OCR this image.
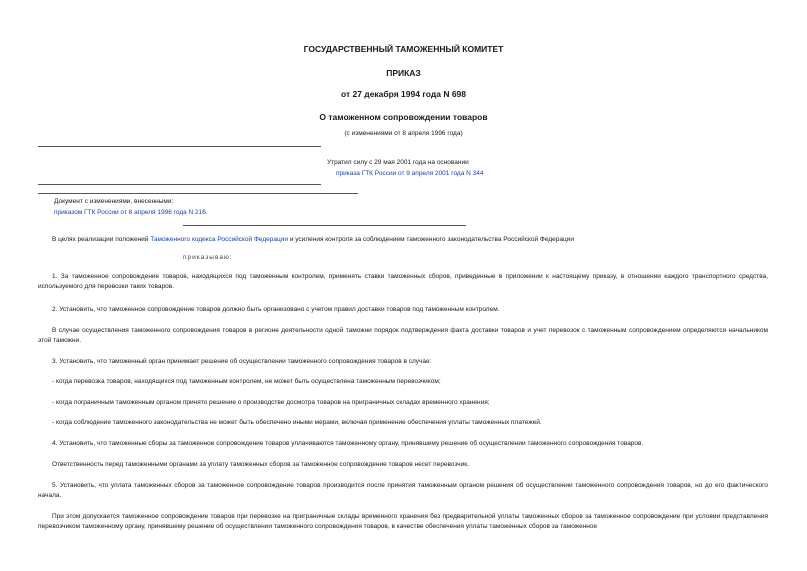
ГОСУДАРСТВЕННЫЙ ТАМОЖЕННЫЙ КОМИТЕТ
ПРИКАЗ
от 27 декабря 1994 года N 698
О таможенном сопровождении товаров
(с изменениями от 8 апреля 1996 года)
Утратил силу с 29 мая 2001 года на основании
приказа ГТК России от 9 апреля 2001 года N 344
Документ с изменениями, внесенными:
приказом ГТК России от 8 апреля 1996 года N 216.
В целях реализации положений Таможенного кодекса Российской Федерации и усиления контроля за соблюдением таможенного законодательства Российской Федерации
приказываю:
1. За таможенное сопровождение товаров, находящихся под таможенным контролем, применять ставки таможенных сборов, приведенные в приложении к настоящему приказу, в отношении каждого транспортного средства, используемого для перевозки таких товаров.
2. Установить, что таможенное сопровождение товаров должно быть организовано с учетом правил доставки товаров под таможенным контролем.
В случае осуществления таможенного сопровождения товаров в регионе деятельности одной таможни порядок подтверждения факта доставки товаров и учет перевозок с таможенным сопровождением определяются начальником этой таможни.
3. Установить, что таможенный орган принимает решение об осуществлении таможенного сопровождения товаров в случае:
- когда перевозка товаров, находящихся под таможенным контролем, не может быть осуществлена таможенным перевозчиком;
- когда пограничным таможенным органом принято решение о производстве досмотра товаров на приграничных складах временного хранения;
- когда соблюдение таможенного законодательства не может быть обеспечено иными мерами, включая применение обеспечения уплаты таможенных платежей.
4. Установить, что таможенные сборы за таможенное сопровождение товаров уплачиваются таможенному органу, принявшему решение об осуществлении таможенного сопровождения товаров.
Ответственность перед таможенными органами за уплату таможенных сборов за таможенное сопровождение товаров несет перевозчик.
5. Установить, что уплата таможенных сборов за таможенное сопровождение товаров производится после принятия таможенным органом решения об осуществлении таможенного сопровождения товаров, но до его фактического начала.
При этом допускается таможенное сопровождение товаров при перевозке на приграничные склады временного хранения без предварительной уплаты таможенных сборов за таможенное сопровождение при условии представления перевозчиком таможенному органу, принявшему решение об осуществлении таможенного сопровождения товаров, в качестве обеспечения уплаты таможенных сборов за таможенное
